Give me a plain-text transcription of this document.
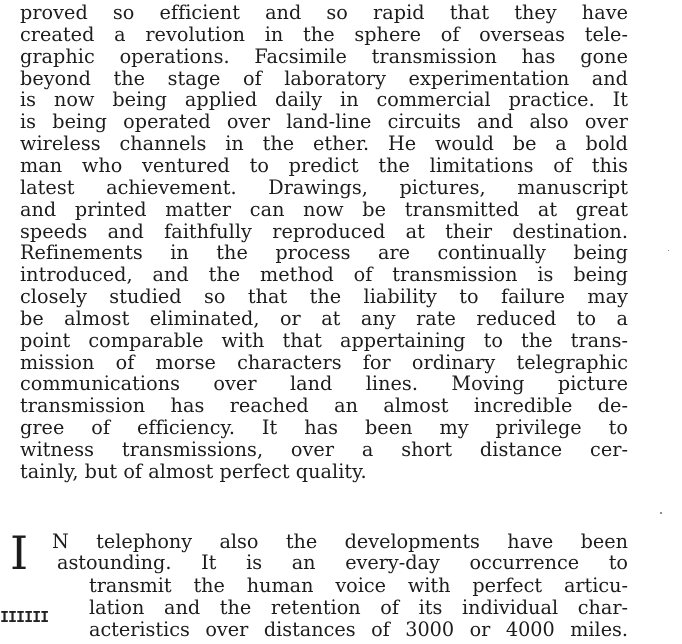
proved so efficient and so rapid that they have
created a revolution in the sphere of overseas tele-
graphic operations. Facsimile transmission has gone
beyond the stage of laboratory experimentation and
is now being applied daily in commercial practice. It
is being operated over land-line circuits and also over
wireless channels in the ether. He would be a bold
man who ventured to predict the limitations of this
latest achievement. Drawings, pictures, manuscript
and printed matter can now be transmitted at great
speeds and faithfully reproduced at their destination.
Refinements in the process are continually being
introduced, and the method of transmission is being
closely studied so that the liability to failure may
be almost eliminated, or at any rate reduced to a
point comparable with that appertaining to the trans-
mission of morse characters for ordinary telegraphic
communications over land lines. Moving picture
transmission has reached an almost incredible de-
gree of efficiency. It has been my privilege to
witness transmissions, over a short distance cer-
tainly, but of almost perfect quality.
I N telephony also the developments have been
astounding. It is an every-day occurrence to
transmit the human voice with perfect articu-
lation and the retention of its individual char-
acteristics over distances of 3000 or 4000 miles.
IIIIII
